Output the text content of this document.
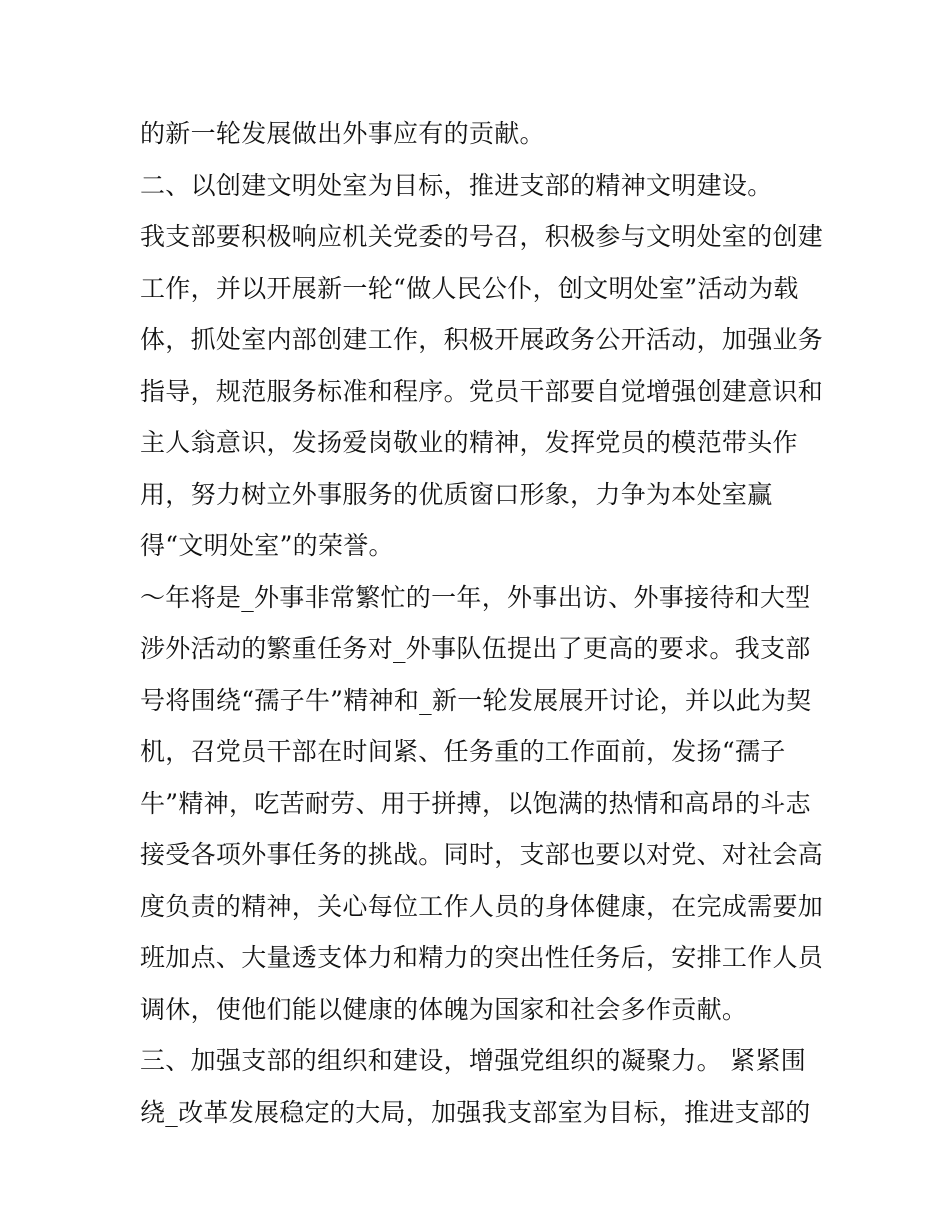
的新一轮发展做出外事应有的贡献。
二、以创建文明处室为目标，推进支部的精神文明建设。
我支部要积极响应机关党委的号召，积极参与文明处室的创建
工作，并以开展新一轮“做人民公仆，创文明处室”活动为载
体，抓处室内部创建工作，积极开展政务公开活动，加强业务
指导，规范服务标准和程序。党员干部要自觉增强创建意识和
主人翁意识，发扬爱岗敬业的精神，发挥党员的模范带头作
用，努力树立外事服务的优质窗口形象，力争为本处室赢
得“文明处室”的荣誉。
～年将是_外事非常繁忙的一年，外事出访、外事接待和大型
涉外活动的繁重任务对_外事队伍提出了更高的要求。我支部
号将围绕“孺子牛”精神和_新一轮发展展开讨论，并以此为契
机，召党员干部在时间紧、任务重的工作面前，发扬“孺子
牛”精神，吃苦耐劳、用于拼搏，以饱满的热情和高昂的斗志
接受各项外事任务的挑战。同时，支部也要以对党、对社会高
度负责的精神，关心每位工作人员的身体健康，在完成需要加
班加点、大量透支体力和精力的突出性任务后，安排工作人员
调休，使他们能以健康的体魄为国家和社会多作贡献。
三、加强支部的组织和建设，增强党组织的凝聚力。 紧紧围
绕_改革发展稳定的大局，加强我支部室为目标，推进支部的
